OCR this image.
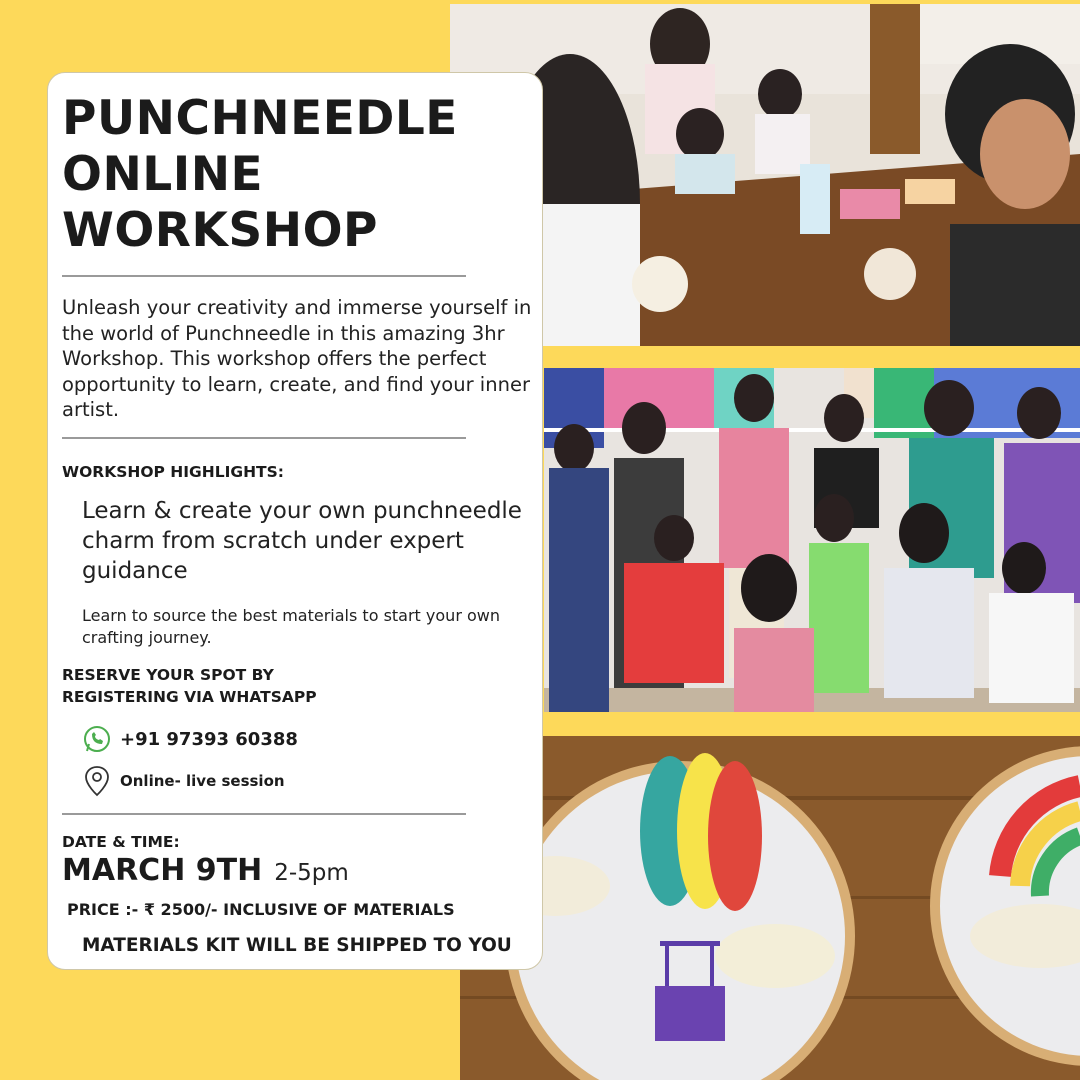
PUNCHNEEDLE
ONLINE
WORKSHOP
Unleash your creativity and immerse yourself in the world of Punchneedle in this amazing 3hr Workshop. This workshop offers the perfect opportunity to learn, create, and find your inner artist.
WORKSHOP HIGHLIGHTS:
Learn & create your own punchneedle charm from scratch under expert guidance
Learn to source the best materials to start your own crafting journey.
RESERVE YOUR SPOT BY
REGISTERING VIA WHATSAPP
+91 97393 60388
Online- live session
DATE & TIME:
MARCH 9TH 2-5pm
PRICE :- ₹ 2500/- INCLUSIVE OF MATERIALS
MATERIALS KIT WILL BE SHIPPED TO YOU
